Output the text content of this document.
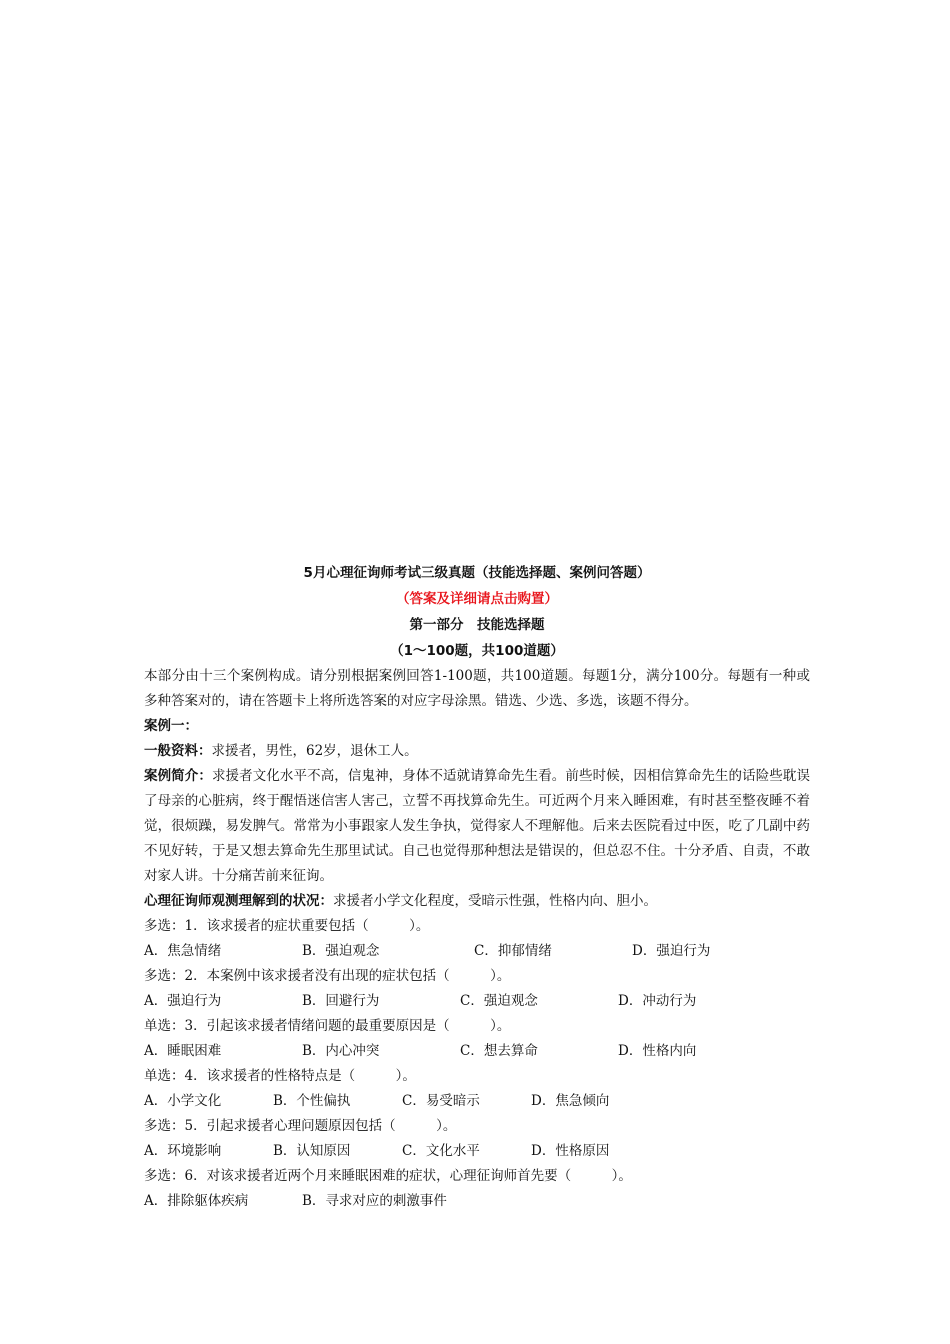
5月心理征询师考试三级真题（技能选择题、案例问答题）
（答案及详细请点击购置）
第一部分　技能选择题
（1～100题，共100道题）

本部分由十三个案例构成。请分别根据案例回答1-100题，共100道题。每题1分，满分100分。每题有一种或多种答案对的，请在答题卡上将所选答案的对应字母涂黑。错选、少选、多选，该题不得分。

案例一：

一般资料：求援者，男性，62岁，退休工人。

案例简介：求援者文化水平不高，信鬼神，身体不适就请算命先生看。前些时候，因相信算命先生的话险些耽误了母亲的心脏病，终于醒悟迷信害人害己，立誓不再找算命先生。可近两个月来入睡困难，有时甚至整夜睡不着觉，很烦躁，易发脾气。常常为小事跟家人发生争执，觉得家人不理解他。后来去医院看过中医，吃了几副中药不见好转，于是又想去算命先生那里试试。自己也觉得那种想法是错误的，但总忍不住。十分矛盾、自责，不敢对家人讲。十分痛苦前来征询。

心理征询师观测理解到的状况：求援者小学文化程度，受暗示性强，性格内向、胆小。

多选：1．该求援者的症状重要包括（　　　）。

A．焦急情绪	B．强迫观念	C．抑郁情绪	D．强迫行为

多选：2．本案例中该求援者没有出现的症状包括（　　　）。

A．强迫行为	B．回避行为	C．强迫观念	D．冲动行为

单选：3．引起该求援者情绪问题的最重要原因是（　　　）。

A．睡眠困难	B．内心冲突	C．想去算命	D．性格内向

单选：4．该求援者的性格特点是（　　　）。

A．小学文化	B．个性偏执	C．易受暗示	D．焦急倾向

多选：5．引起求援者心理问题原因包括（　　　）。

A．环境影响	B．认知原因	C．文化水平	D．性格原因

多选：6．对该求援者近两个月来睡眠困难的症状，心理征询师首先要（　　　）。

A．排除躯体疾病	B．寻求对应的刺激事件
